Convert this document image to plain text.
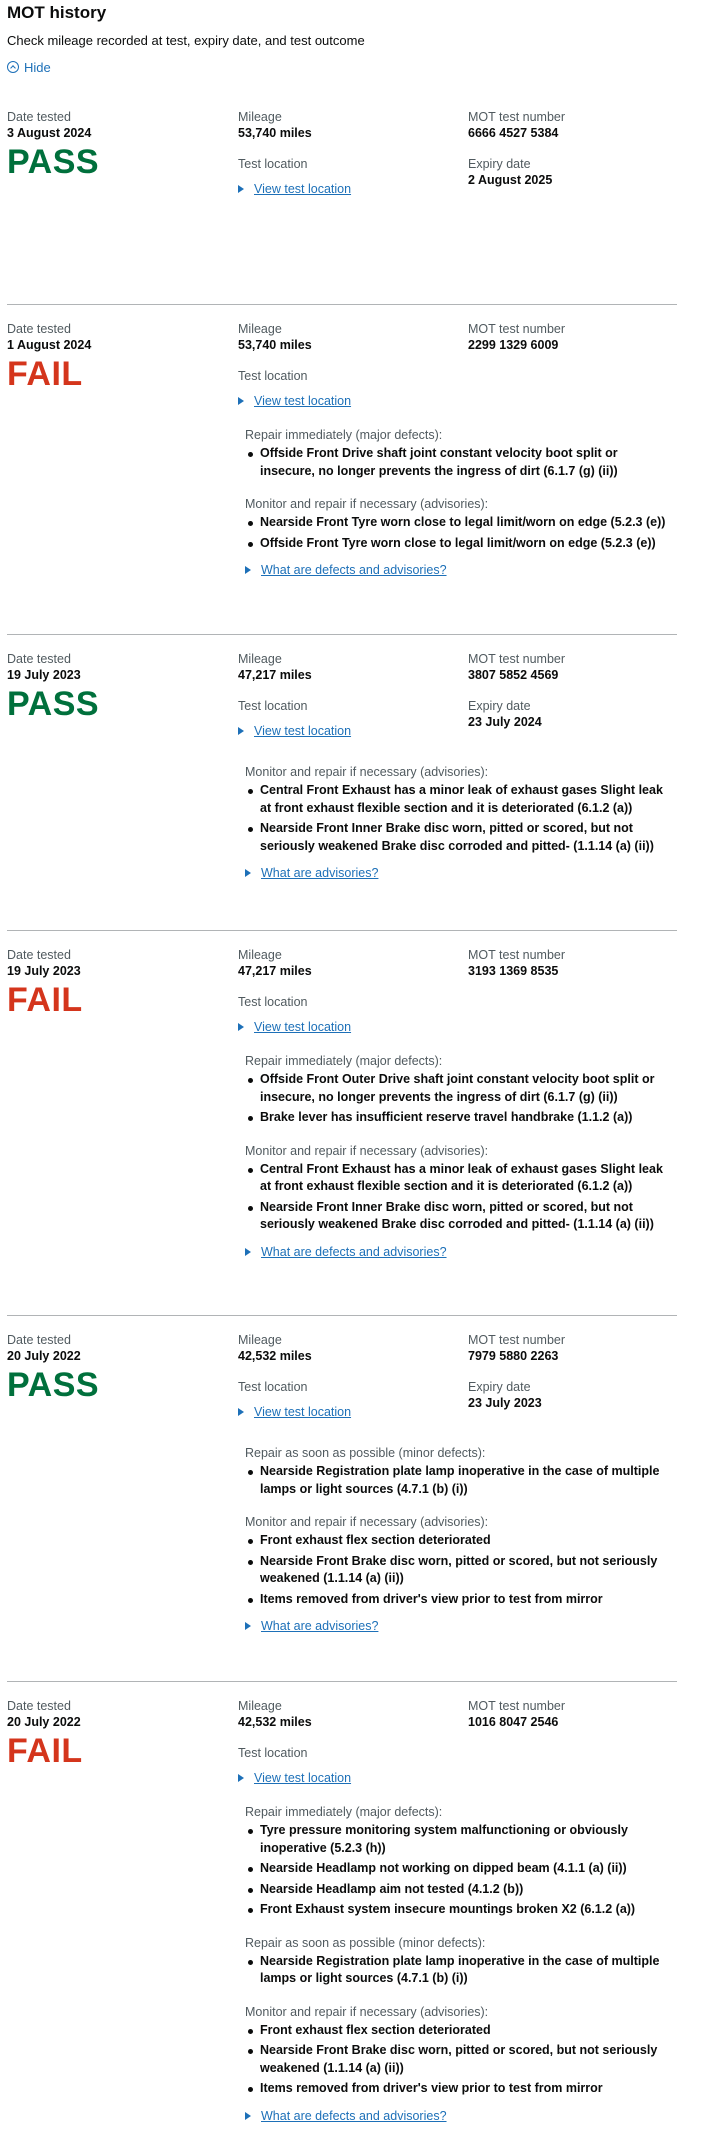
MOT history
Check mileage recorded at test, expiry date, and test outcome
Hide
Date tested
3 August 2024
PASS
Mileage
53,740 miles
Test location
View test location
MOT test number
6666 4527 5384
Expiry date
2 August 2025
Date tested
1 August 2024
FAIL
Mileage
53,740 miles
Test location
View test location
MOT test number
2299 1329 6009
Repair immediately (major defects):
Offside Front Drive shaft joint constant velocity boot split or insecure, no longer prevents the ingress of dirt (6.1.7 (g) (ii))
Monitor and repair if necessary (advisories):
Nearside Front Tyre worn close to legal limit/worn on edge (5.2.3 (e))
Offside Front Tyre worn close to legal limit/worn on edge (5.2.3 (e))
What are defects and advisories?
Date tested
19 July 2023
PASS
Mileage
47,217 miles
Test location
View test location
MOT test number
3807 5852 4569
Expiry date
23 July 2024
Monitor and repair if necessary (advisories):
Central Front Exhaust has a minor leak of exhaust gases Slight leak at front exhaust flexible section and it is deteriorated (6.1.2 (a))
Nearside Front Inner Brake disc worn, pitted or scored, but not seriously weakened Brake disc corroded and pitted- (1.1.14 (a) (ii))
What are advisories?
Date tested
19 July 2023
FAIL
Mileage
47,217 miles
Test location
View test location
MOT test number
3193 1369 8535
Repair immediately (major defects):
Offside Front Outer Drive shaft joint constant velocity boot split or insecure, no longer prevents the ingress of dirt (6.1.7 (g) (ii))
Brake lever has insufficient reserve travel handbrake (1.1.2 (a))
Monitor and repair if necessary (advisories):
Central Front Exhaust has a minor leak of exhaust gases Slight leak at front exhaust flexible section and it is deteriorated (6.1.2 (a))
Nearside Front Inner Brake disc worn, pitted or scored, but not seriously weakened Brake disc corroded and pitted- (1.1.14 (a) (ii))
What are defects and advisories?
Date tested
20 July 2022
PASS
Mileage
42,532 miles
Test location
View test location
MOT test number
7979 5880 2263
Expiry date
23 July 2023
Repair as soon as possible (minor defects):
Nearside Registration plate lamp inoperative in the case of multiple lamps or light sources (4.7.1 (b) (i))
Monitor and repair if necessary (advisories):
Front exhaust flex section deteriorated
Nearside Front Brake disc worn, pitted or scored, but not seriously weakened (1.1.14 (a) (ii))
Items removed from driver's view prior to test from mirror
What are advisories?
Date tested
20 July 2022
FAIL
Mileage
42,532 miles
Test location
View test location
MOT test number
1016 8047 2546
Repair immediately (major defects):
Tyre pressure monitoring system malfunctioning or obviously inoperative (5.2.3 (h))
Nearside Headlamp not working on dipped beam (4.1.1 (a) (ii))
Nearside Headlamp aim not tested (4.1.2 (b))
Front Exhaust system insecure mountings broken X2 (6.1.2 (a))
Repair as soon as possible (minor defects):
Nearside Registration plate lamp inoperative in the case of multiple lamps or light sources (4.7.1 (b) (i))
Monitor and repair if necessary (advisories):
Front exhaust flex section deteriorated
Nearside Front Brake disc worn, pitted or scored, but not seriously weakened (1.1.14 (a) (ii))
Items removed from driver's view prior to test from mirror
What are defects and advisories?
